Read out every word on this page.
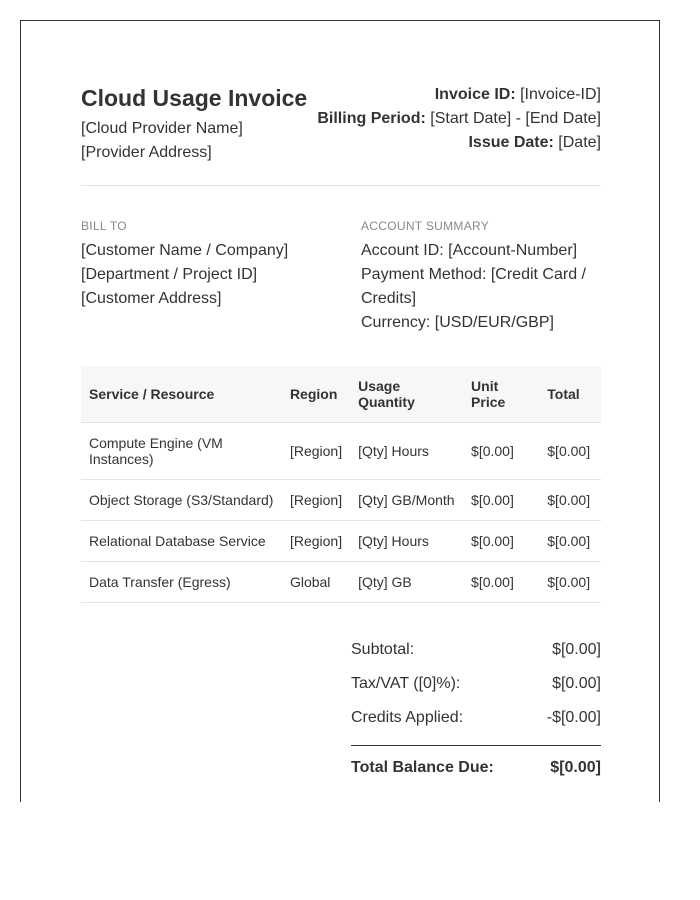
Cloud Usage Invoice
[Cloud Provider Name]
[Provider Address]
Invoice ID: [Invoice-ID]
Billing Period: [Start Date] - [End Date]
Issue Date: [Date]
BILL TO
[Customer Name / Company]
[Department / Project ID]
[Customer Address]
ACCOUNT SUMMARY
Account ID: [Account-Number]
Payment Method: [Credit Card / Credits]
Currency: [USD/EUR/GBP]
Service / Resource	Region	Usage Quantity	Unit Price	Total
Compute Engine (VM Instances)	[Region]	[Qty] Hours	$[0.00]	$[0.00]
Object Storage (S3/Standard)	[Region]	[Qty] GB/Month	$[0.00]	$[0.00]
Relational Database Service	[Region]	[Qty] Hours	$[0.00]	$[0.00]
Data Transfer (Egress)	Global	[Qty] GB	$[0.00]	$[0.00]
Subtotal:	$[0.00]
Tax/VAT ([0]%):	$[0.00]
Credits Applied:	-$[0.00]
Total Balance Due:	$[0.00]
